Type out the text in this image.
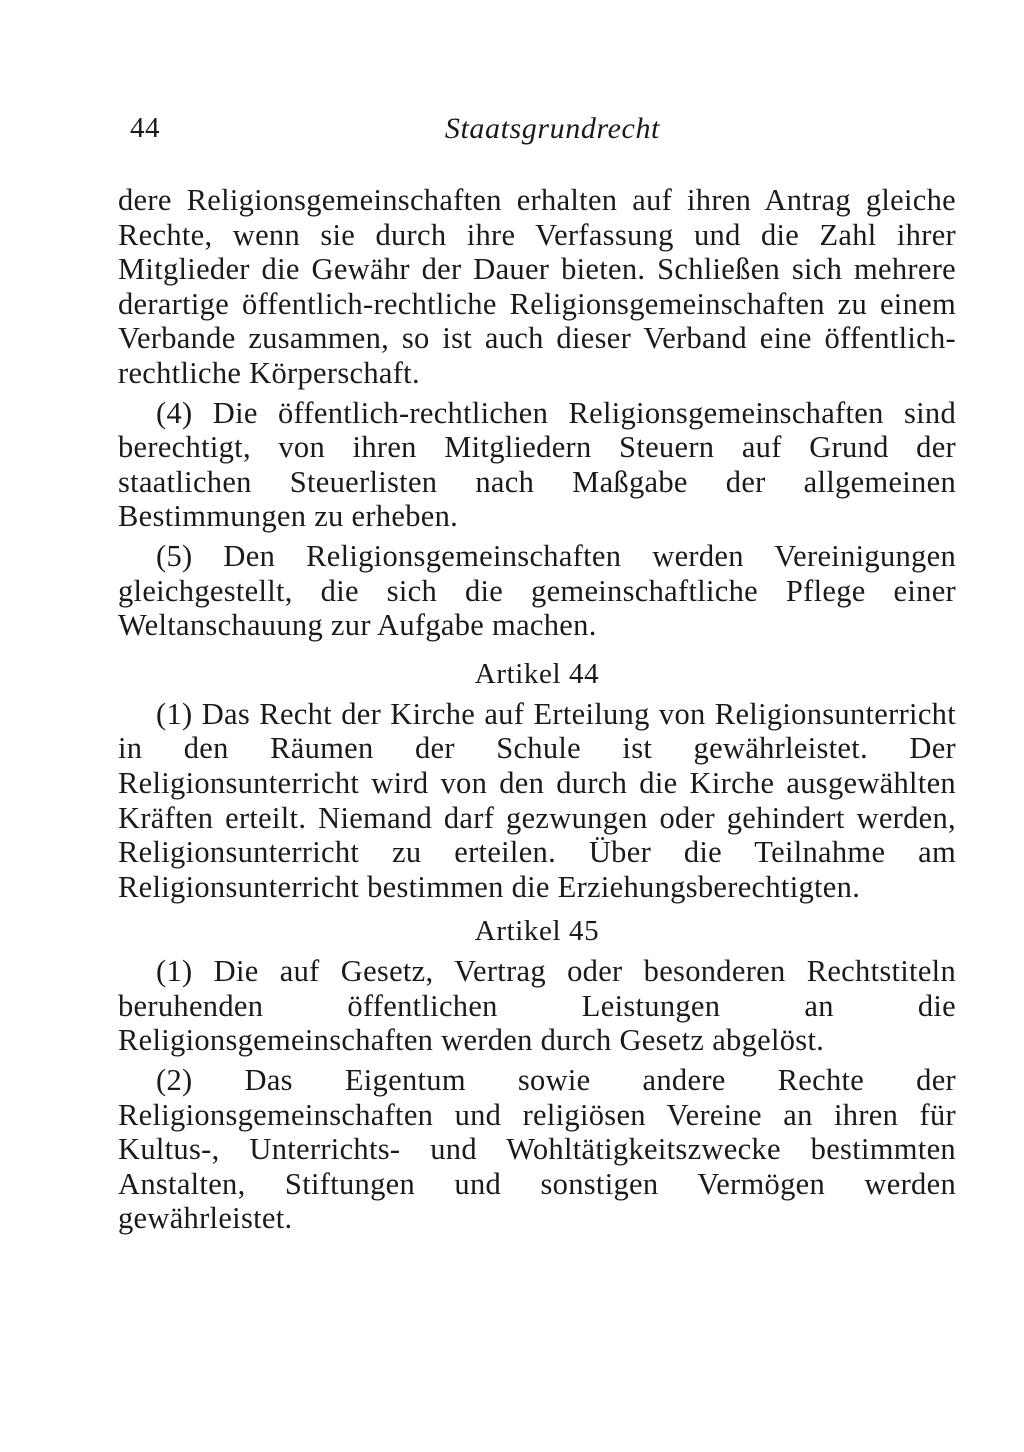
44	Staatsgrundrecht

dere Religionsgemeinschaften erhalten auf ihren Antrag gleiche Rechte, wenn sie durch ihre Verfassung und die Zahl ihrer Mitglieder die Gewähr der Dauer bieten. Schließen sich mehrere derartige öffentlich-rechtliche Religionsgemeinschaften zu einem Verbande zusammen, so ist auch dieser Verband eine öffentlich-rechtliche Körperschaft.

(4) Die öffentlich-rechtlichen Religionsgemeinschaften sind berechtigt, von ihren Mitgliedern Steuern auf Grund der staatlichen Steuerlisten nach Maßgabe der allgemeinen Bestimmungen zu erheben.

(5) Den Religionsgemeinschaften werden Vereinigungen gleichgestellt, die sich die gemeinschaftliche Pflege einer Weltanschauung zur Aufgabe machen.

Artikel 44

(1) Das Recht der Kirche auf Erteilung von Religionsunterricht in den Räumen der Schule ist gewährleistet. Der Religionsunterricht wird von den durch die Kirche ausgewählten Kräften erteilt. Niemand darf gezwungen oder gehindert werden, Religionsunterricht zu erteilen. Über die Teilnahme am Religionsunterricht bestimmen die Erziehungsberechtigten.

Artikel 45

(1) Die auf Gesetz, Vertrag oder besonderen Rechtstiteln beruhenden öffentlichen Leistungen an die Religionsgemeinschaften werden durch Gesetz abgelöst.

(2) Das Eigentum sowie andere Rechte der Religionsgemeinschaften und religiösen Vereine an ihren für Kultus-, Unterrichts- und Wohltätigkeitszwecke bestimmten Anstalten, Stiftungen und sonstigen Vermögen werden gewährleistet.
